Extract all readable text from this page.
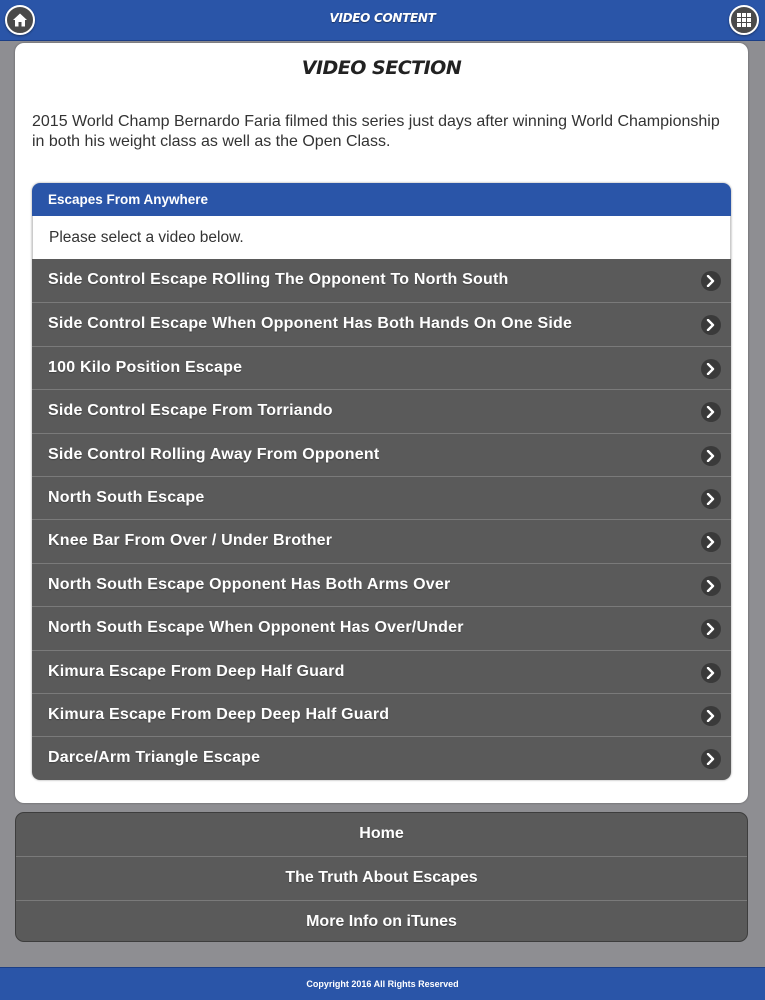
VIDEO CONTENT
VIDEO SECTION
2015 World Champ Bernardo Faria filmed this series just days after winning World Championship in both his weight class as well as the Open Class.
Escapes From Anywhere
Please select a video below.
Side Control Escape ROlling The Opponent To North South
Side Control Escape When Opponent Has Both Hands On One Side
100 Kilo Position Escape
Side Control Escape From Torriando
Side Control Rolling Away From Opponent
North South Escape
Knee Bar From Over / Under Brother
North South Escape Opponent Has Both Arms Over
North South Escape When Opponent Has Over/Under
Kimura Escape From Deep Half Guard
Kimura Escape From Deep Deep Half Guard
Darce/Arm Triangle Escape
Home
The Truth About Escapes
More Info on iTunes
Copyright 2016 All Rights Reserved
